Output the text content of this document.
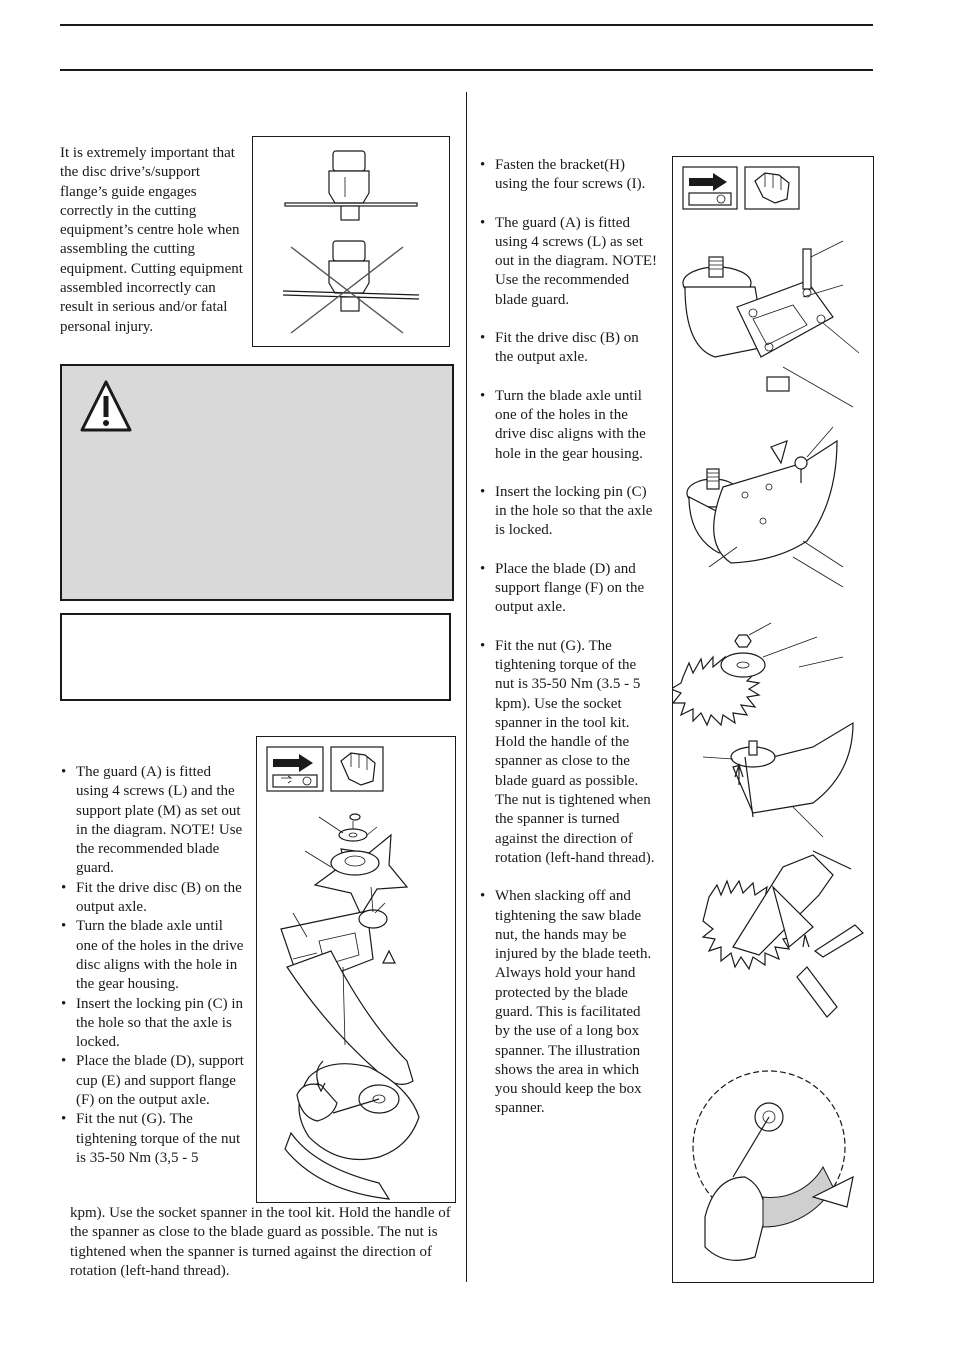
It is extremely important that the disc drive’s/support flange’s guide engages correctly in the cutting equipment’s centre hole when assembling the cutting equipment. Cutting equipment assembled incorrectly can result in serious and/or fatal personal injury.

• The guard (A) is fitted using 4 screws (L) and the support plate (M) as set out in the diagram. NOTE! Use the recommended blade guard.
• Fit the drive disc (B) on the output axle.
• Turn the blade axle until one of the holes in the drive disc aligns with the hole in the gear housing.
• Insert the locking pin (C) in the hole so that the axle is locked.
• Place the blade (D), support cup (E) and support flange (F) on the output axle.
• Fit the nut (G). The tightening torque of the nut is 35-50 Nm (3,5 - 5
kpm). Use the socket spanner in the tool kit. Hold the handle of the spanner as close to the blade guard as possible. The nut is tightened when the spanner is turned against the direction of rotation (left-hand thread).
• Fasten the bracket(H) using the four screws (I).
• The guard (A) is fitted using 4 screws (L) as set out in the diagram. NOTE! Use the recommended blade guard.
• Fit the drive disc (B) on the output axle.
• Turn the blade axle until one of the holes in the drive disc aligns with the hole in the gear housing.
• Insert the locking pin (C) in the hole so that the axle is locked.
• Place the blade (D) and support flange (F) on the output axle.
• Fit the nut (G). The tightening torque of the nut is 35-50 Nm (3.5 - 5 kpm). Use the socket spanner in the tool kit. Hold the handle of the spanner as close to the blade guard as possible. The nut is tightened when the spanner is turned against the direction of rotation (left-hand thread).
• When slacking off and tightening the saw blade nut, the hands may be injured by the blade teeth. Always hold your hand protected by the blade guard. This is facilitated by the use of a long box spanner. The illustration shows the area in which you should keep the box spanner.
